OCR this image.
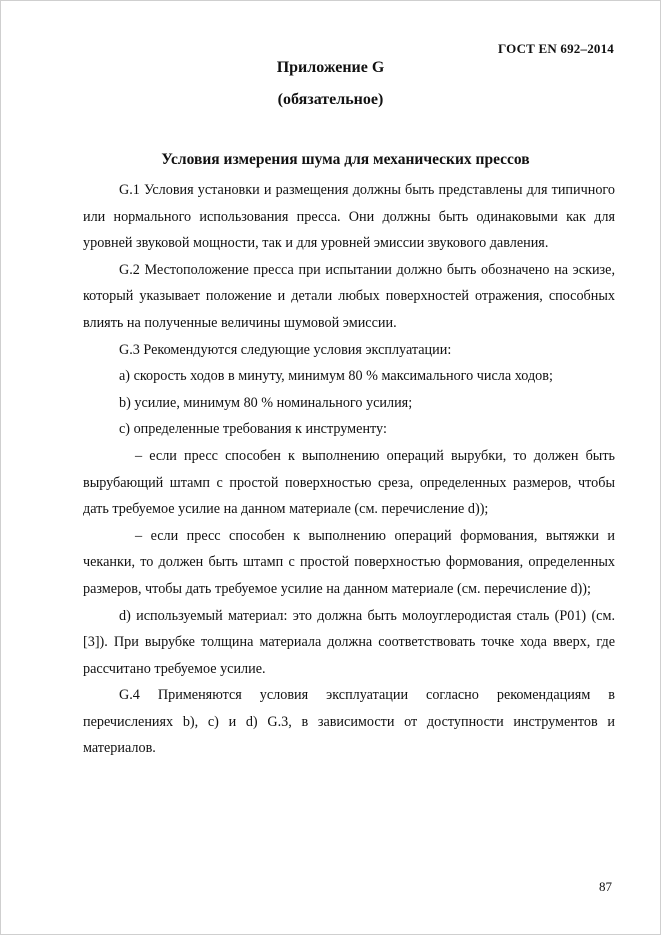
ГОСТ EN 692–2014
Приложение G
(обязательное)
Условия измерения шума для механических прессов

G.1 Условия установки и размещения должны быть представлены для типичного или нормального использования пресса. Они должны быть одинаковыми как для уровней звуковой мощности, так и для уровней эмиссии звукового давления.

G.2 Местоположение пресса при испытании должно быть обозначено на эскизе, который указывает положение и детали любых поверхностей отражения, способных влиять на полученные величины шумовой эмиссии.

G.3 Рекомендуются следующие условия эксплуатации:

a) скорость ходов в минуту, минимум 80 % максимального числа ходов;

b) усилие, минимум 80 % номинального усилия;

c) определенные требования к инструменту:

– если пресс способен к выполнению операций вырубки, то должен быть вырубающий штамп с простой поверхностью среза, определенных размеров, чтобы дать требуемое усилие на данном материале (см. перечисление d));

– если пресс способен к выполнению операций формования, вытяжки и чеканки, то должен быть штамп с простой поверхностью формования, определенных размеров, чтобы дать требуемое усилие на данном материале (см. перечисление d));

d) используемый материал: это должна быть молоуглеродистая сталь (P01) (см. [3]). При вырубке толщина материала должна соответствовать точке хода вверх, где рассчитано требуемое усилие.

G.4 Применяются условия эксплуатации согласно рекомендациям в перечислениях b), c) и d) G.3, в зависимости от доступности инструментов и материалов.

87
